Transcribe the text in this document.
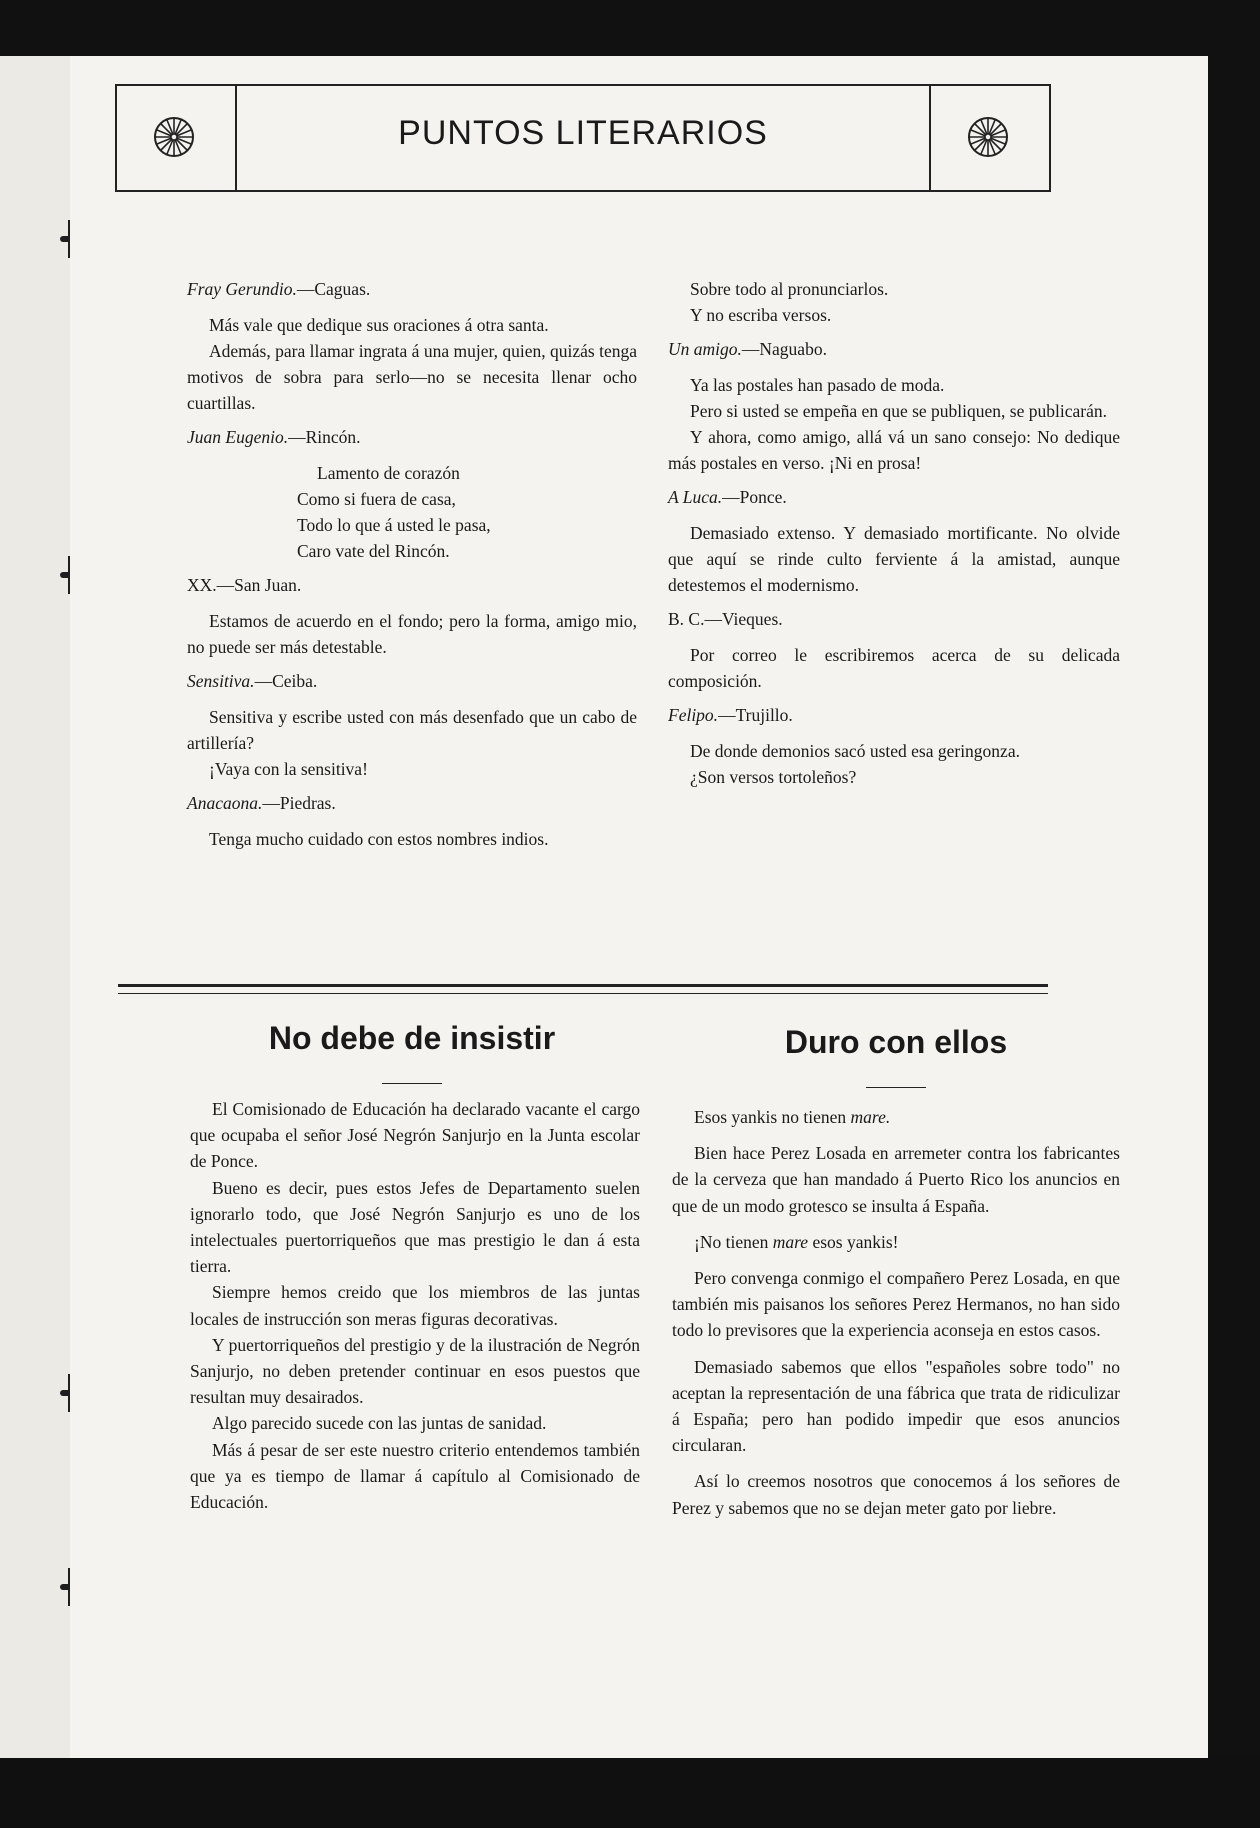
PUNTOS LITERARIOS
Fray Gerundio.—Caguas.

Más vale que dedique sus oraciones á otra santa.

Además, para llamar ingrata á una mujer, quien, quizás tenga motivos de sobra para serlo—no se necesita llenar ocho cuartillas.

Juan Eugenio.—Rincón.
Lamento de corazón
Como si fuera de casa,
Todo lo que á usted le pasa,
Caro vate del Rincón.
XX.—San Juan.

Estamos de acuerdo en el fondo; pero la forma, amigo mio, no puede ser más detestable.

Sensitiva.—Ceiba.

Sensitiva y escribe usted con más desenfado que un cabo de artillería?

¡Vaya con la sensitiva!

Anacaona.—Piedras.

Tenga mucho cuidado con estos nombres indios.

Sobre todo al pronunciarlos.

Y no escriba versos.

Un amigo.—Naguabo.

Ya las postales han pasado de moda.

Pero si usted se empeña en que se publiquen, se publicarán.

Y ahora, como amigo, allá vá un sano consejo: No dedique más postales en verso. ¡Ni en prosa!

A Luca.—Ponce.

Demasiado extenso. Y demasiado mortificante. No olvide que aquí se rinde culto ferviente á la amistad, aunque detestemos el modernismo.

B. C.—Vieques.

Por correo le escribiremos acerca de su delicada composición.

Felipo.—Trujillo.

De donde demonios sacó usted esa geringonza.

¿Son versos tortoleños?

No debe de insistir

El Comisionado de Educación ha declarado vacante el cargo que ocupaba el señor José Negrón Sanjurjo en la Junta escolar de Ponce.

Bueno es decir, pues estos Jefes de Departamento suelen ignorarlo todo, que José Negrón Sanjurjo es uno de los intelectuales puertorriqueños que mas prestigio le dan á esta tierra.

Siempre hemos creido que los miembros de las juntas locales de instrucción son meras figuras decorativas.

Y puertorriqueños del prestigio y de la ilustración de Negrón Sanjurjo, no deben pretender continuar en esos puestos que resultan muy desairados.

Algo parecido sucede con las juntas de sanidad.

Más á pesar de ser este nuestro criterio entendemos también que ya es tiempo de llamar á capítulo al Comisionado de Educación.

Duro con ellos

Esos yankis no tienen mare.

Bien hace Perez Losada en arremeter contra los fabricantes de la cerveza que han mandado á Puerto Rico los anuncios en que de un modo grotesco se insulta á España.

¡No tienen mare esos yankis!

Pero convenga conmigo el compañero Perez Losada, en que también mis paisanos los señores Perez Hermanos, no han sido todo lo previsores que la experiencia aconseja en estos casos.

Demasiado sabemos que ellos "españoles sobre todo" no aceptan la representación de una fábrica que trata de ridiculizar á España; pero han podido impedir que esos anuncios circularan.

Así lo creemos nosotros que conocemos á los señores de Perez y sabemos que no se dejan meter gato por liebre.
